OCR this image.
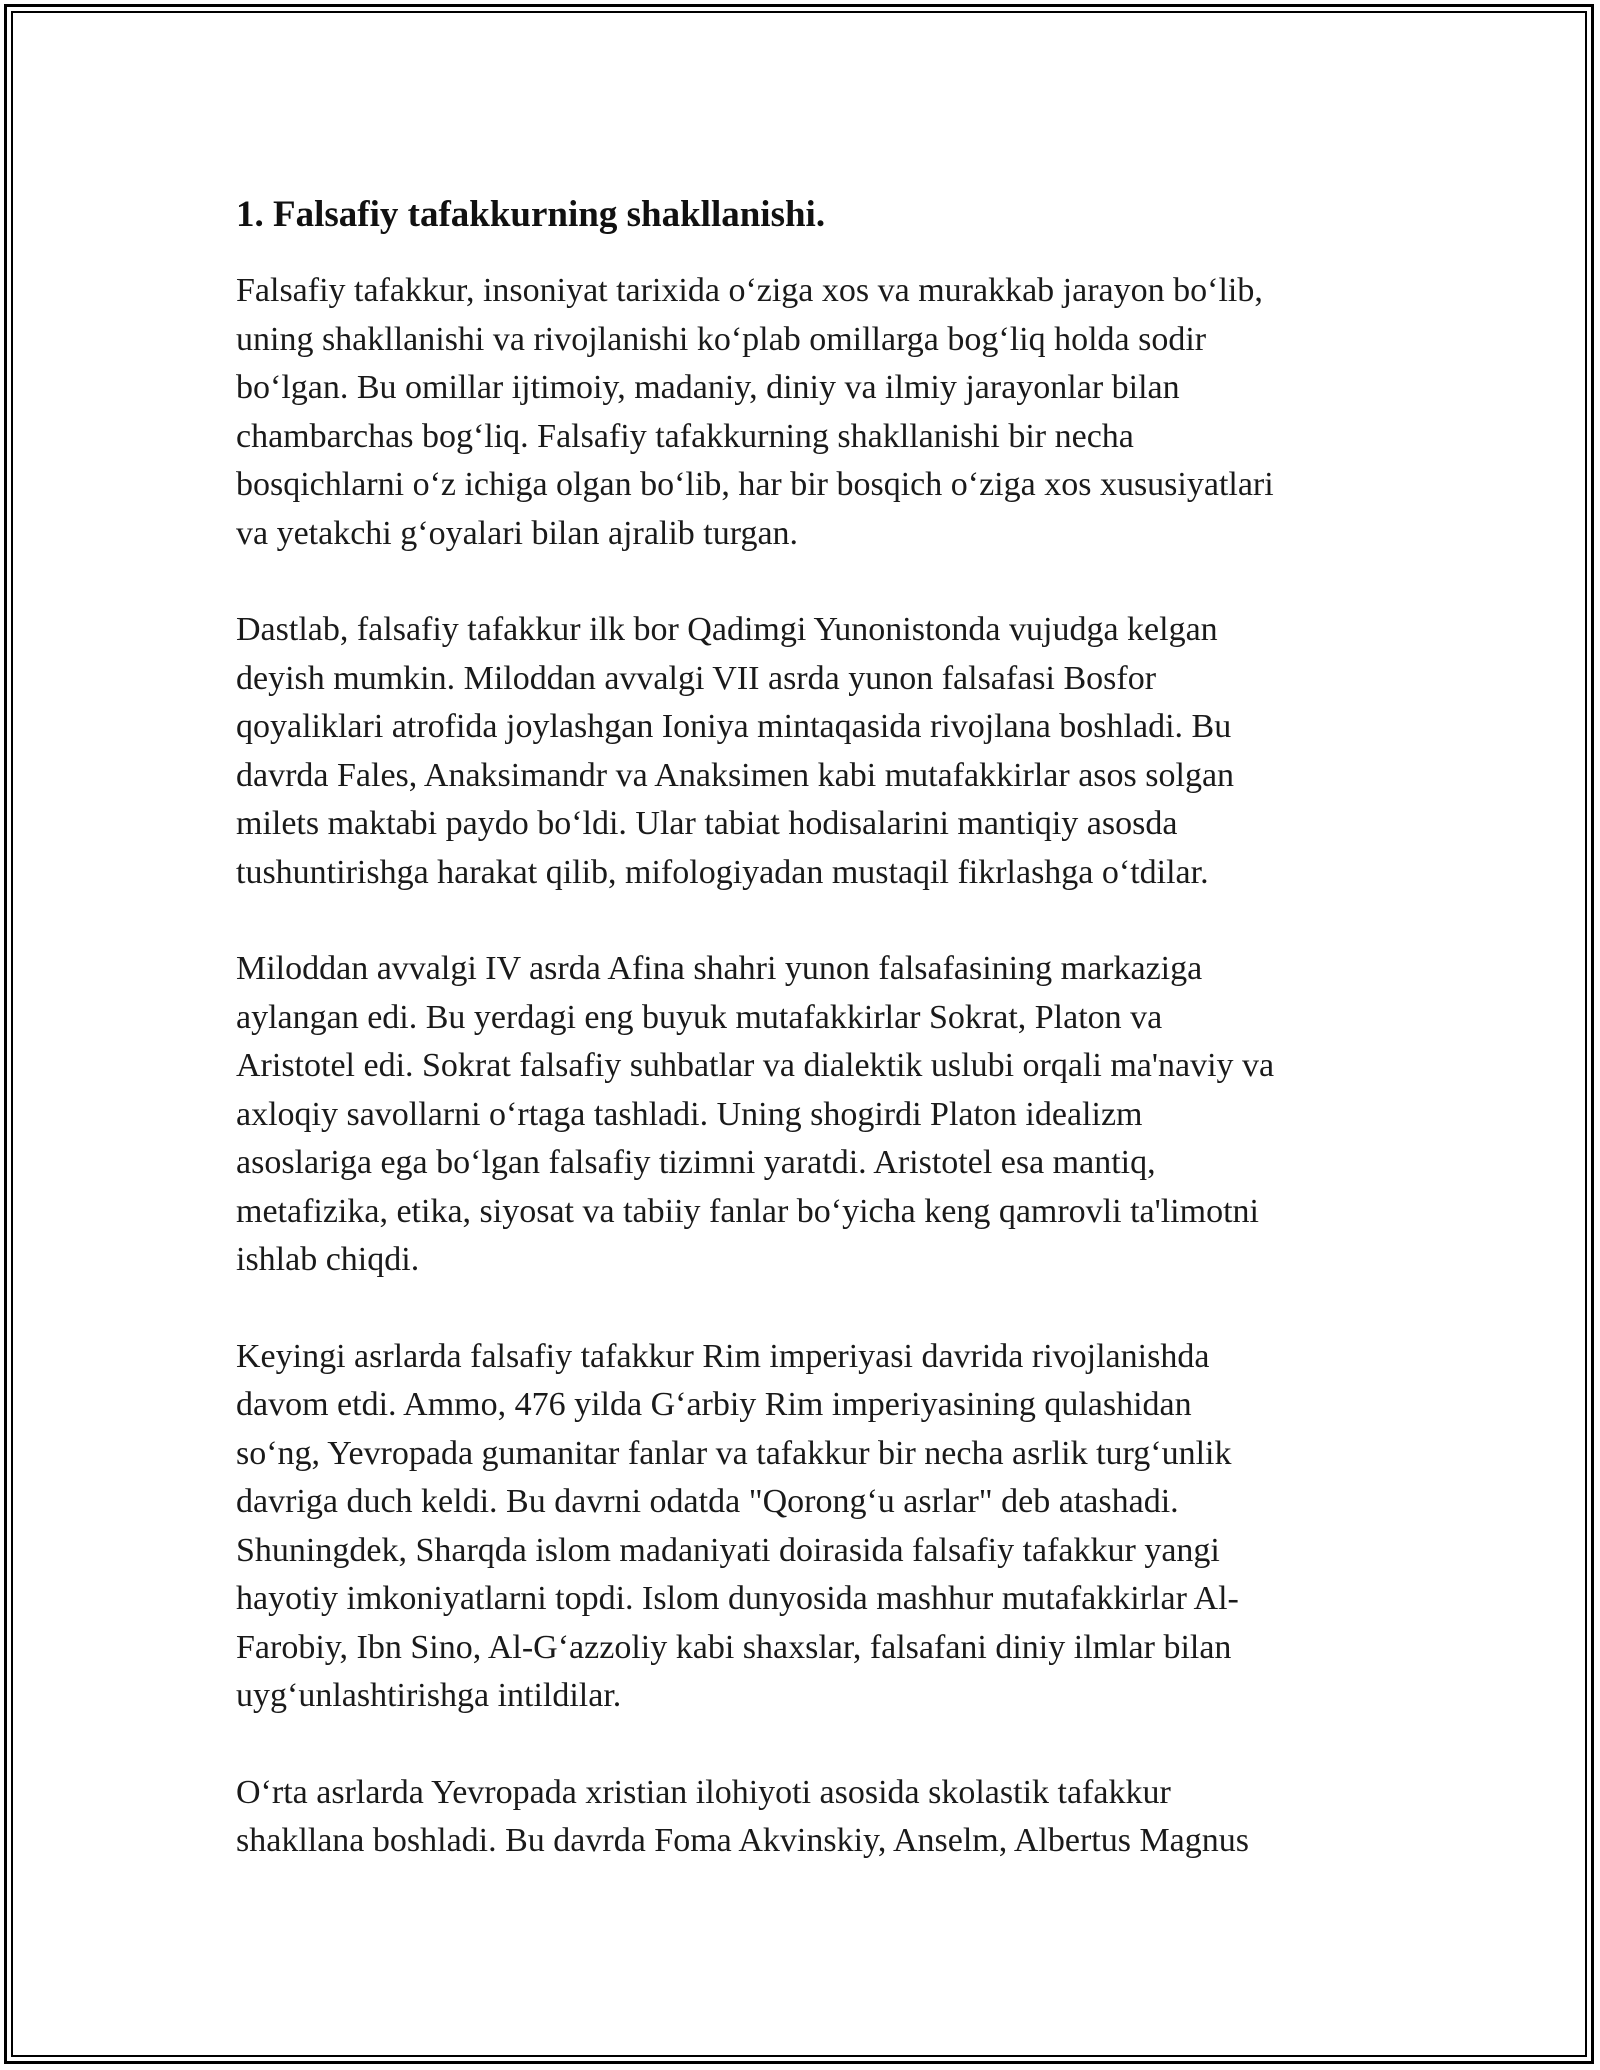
1. Falsafiy tafakkurning shakllanishi.

Falsafiy tafakkur, insoniyat tarixida o‘ziga xos va murakkab jarayon bo‘lib,
uning shakllanishi va rivojlanishi ko‘plab omillarga bog‘liq holda sodir
bo‘lgan. Bu omillar ijtimoiy, madaniy, diniy va ilmiy jarayonlar bilan
chambarchas bog‘liq. Falsafiy tafakkurning shakllanishi bir necha
bosqichlarni o‘z ichiga olgan bo‘lib, har bir bosqich o‘ziga xos xususiyatlari
va yetakchi g‘oyalari bilan ajralib turgan.

Dastlab, falsafiy tafakkur ilk bor Qadimgi Yunonistonda vujudga kelgan
deyish mumkin. Miloddan avvalgi VII asrda yunon falsafasi Bosfor
qoyaliklari atrofida joylashgan Ioniya mintaqasida rivojlana boshladi. Bu
davrda Fales, Anaksimandr va Anaksimen kabi mutafakkirlar asos solgan
milets maktabi paydo bo‘ldi. Ular tabiat hodisalarini mantiqiy asosda
tushuntirishga harakat qilib, mifologiyadan mustaqil fikrlashga o‘tdilar.

Miloddan avvalgi IV asrda Afina shahri yunon falsafasining markaziga
aylangan edi. Bu yerdagi eng buyuk mutafakkirlar Sokrat, Platon va
Aristotel edi. Sokrat falsafiy suhbatlar va dialektik uslubi orqali ma'naviy va
axloqiy savollarni o‘rtaga tashladi. Uning shogirdi Platon idealizm
asoslariga ega bo‘lgan falsafiy tizimni yaratdi. Aristotel esa mantiq,
metafizika, etika, siyosat va tabiiy fanlar bo‘yicha keng qamrovli ta'limotni
ishlab chiqdi.

Keyingi asrlarda falsafiy tafakkur Rim imperiyasi davrida rivojlanishda
davom etdi. Ammo, 476 yilda G‘arbiy Rim imperiyasining qulashidan
so‘ng, Yevropada gumanitar fanlar va tafakkur bir necha asrlik turg‘unlik
davriga duch keldi. Bu davrni odatda "Qorong‘u asrlar" deb atashadi.
Shuningdek, Sharqda islom madaniyati doirasida falsafiy tafakkur yangi
hayotiy imkoniyatlarni topdi. Islom dunyosida mashhur mutafakkirlar Al-
Farobiy, Ibn Sino, Al-G‘azzoliy kabi shaxslar, falsafani diniy ilmlar bilan
uyg‘unlashtirishga intildilar.

O‘rta asrlarda Yevropada xristian ilohiyoti asosida skolastik tafakkur
shakllana boshladi. Bu davrda Foma Akvinskiy, Anselm, Albertus Magnus
